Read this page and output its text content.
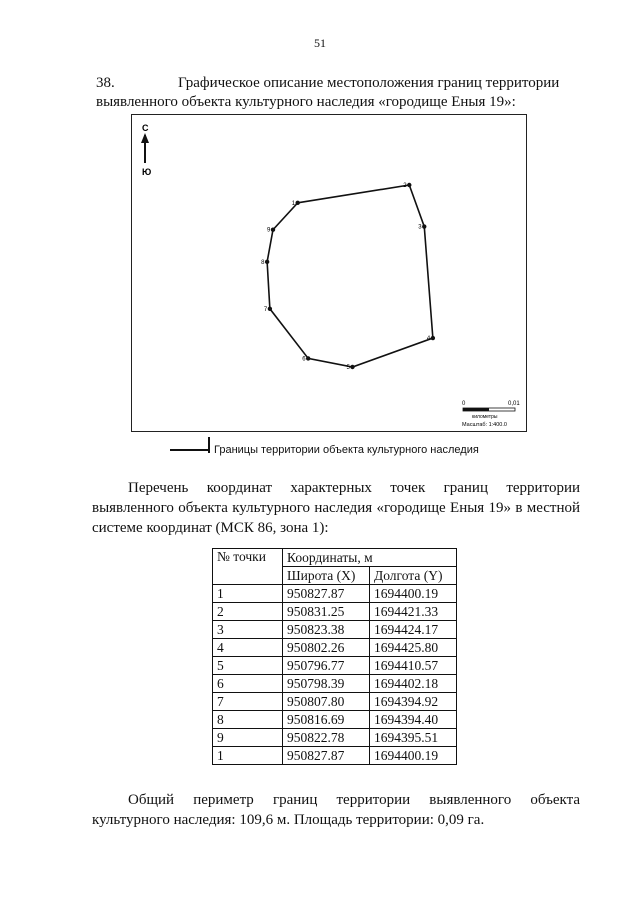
51
38.	Графическое описание местоположения границ территории выявленного объекта культурного наследия «городище Еныя 19»:
С
Ю
1
2
3
4
5
6
7
8
9
0	0,01
километры
Масштаб: 1:400.0
Границы территории объекта культурного наследия
Перечень координат характерных точек границ территории выявленного объекта культурного наследия «городище Еныя 19» в местной системе координат (МСК 86, зона 1):
№ точки	Координаты, м	
	Широта (X)	Долгота (Y)
1	950827.87	1694400.19
2	950831.25	1694421.33
3	950823.38	1694424.17
4	950802.26	1694425.80
5	950796.77	1694410.57
6	950798.39	1694402.18
7	950807.80	1694394.92
8	950816.69	1694394.40
9	950822.78	1694395.51
1	950827.87	1694400.19
Общий периметр границ территории выявленного объекта культурного наследия: 109,6 м. Площадь территории: 0,09 га.
